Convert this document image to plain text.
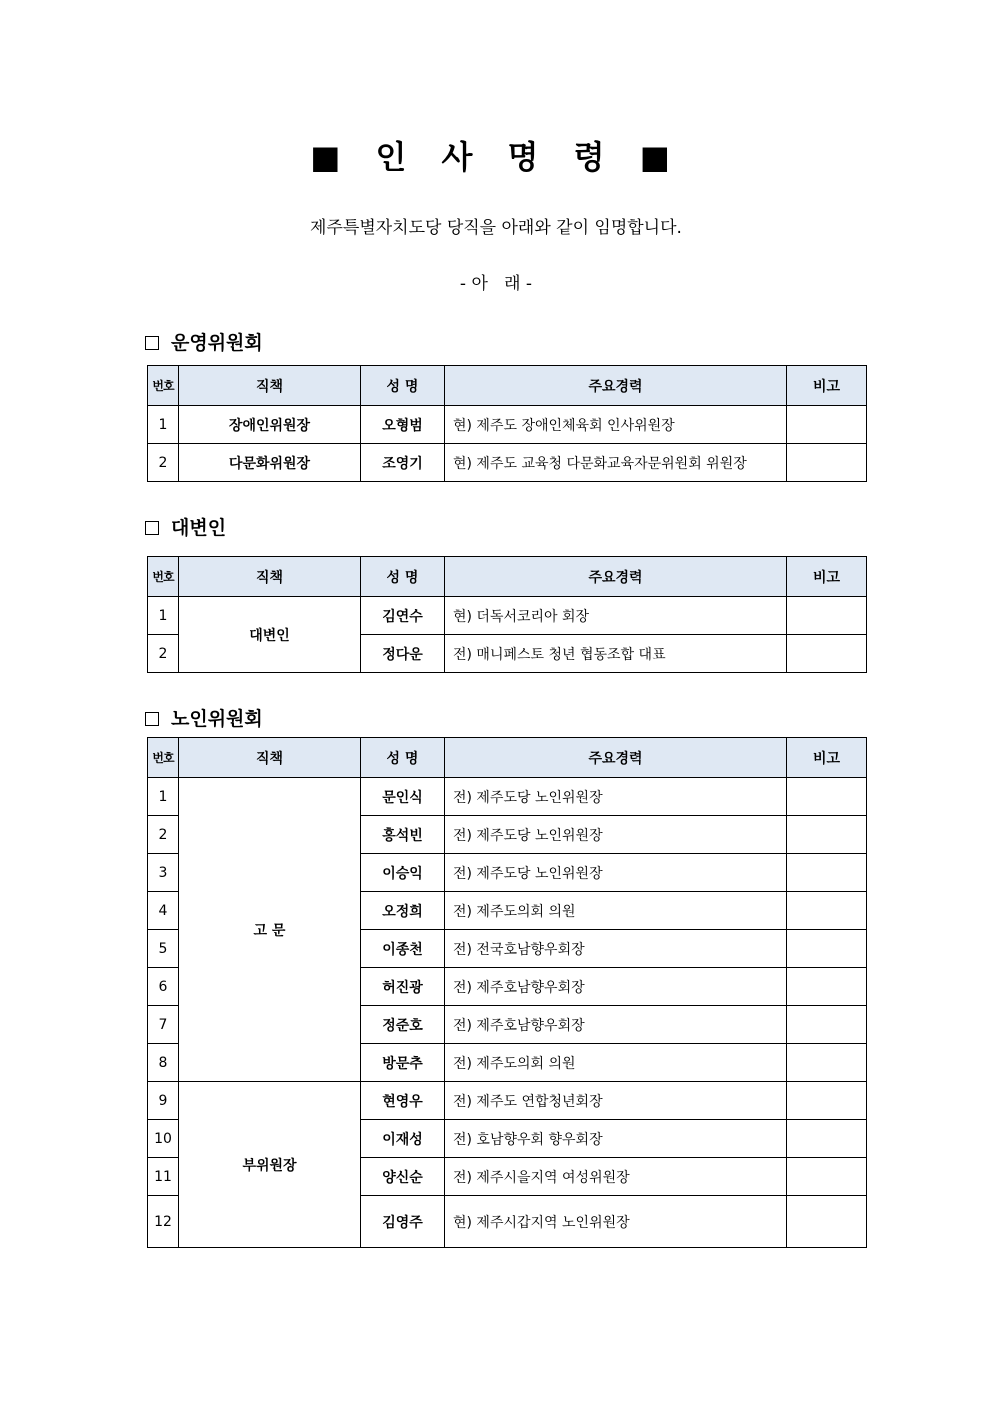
■ 인 사 명 령 ■
제주특별자치도당 당직을 아래와 같이 임명합니다.
- 아   래 -
운영위원회
번호	직책	성 명	주요경력	비고
1	장애인위원장	오형범	현) 제주도 장애인체육회 인사위원장	
2	다문화위원장	조영기	현) 제주도 교육청 다문화교육자문위원회 위원장	
대변인
번호	직책	성 명	주요경력	비고
1	대변인	김연수	현) 더독서코리아 회장	
2		정다운	전) 매니페스토 청년 협동조합 대표	
노인위원회
번호	직책	성 명	주요경력	비고
1	고 문	문인식	전) 제주도당 노인위원장	
2		홍석빈	전) 제주도당 노인위원장	
3		이승익	전) 제주도당 노인위원장	
4		오정희	전) 제주도의회 의원	
5		이종천	전) 전국호남향우회장	
6		허진광	전) 제주호남향우회장	
7		정준호	전) 제주호남향우회장	
8		방문추	전) 제주도의회 의원	
9	부위원장	현영우	전) 제주도 연합청년회장	
10		이재성	전) 호남향우회 향우회장	
11		양신순	전) 제주시을지역 여성위원장	
12		김영주	현) 제주시갑지역 노인위원장	
